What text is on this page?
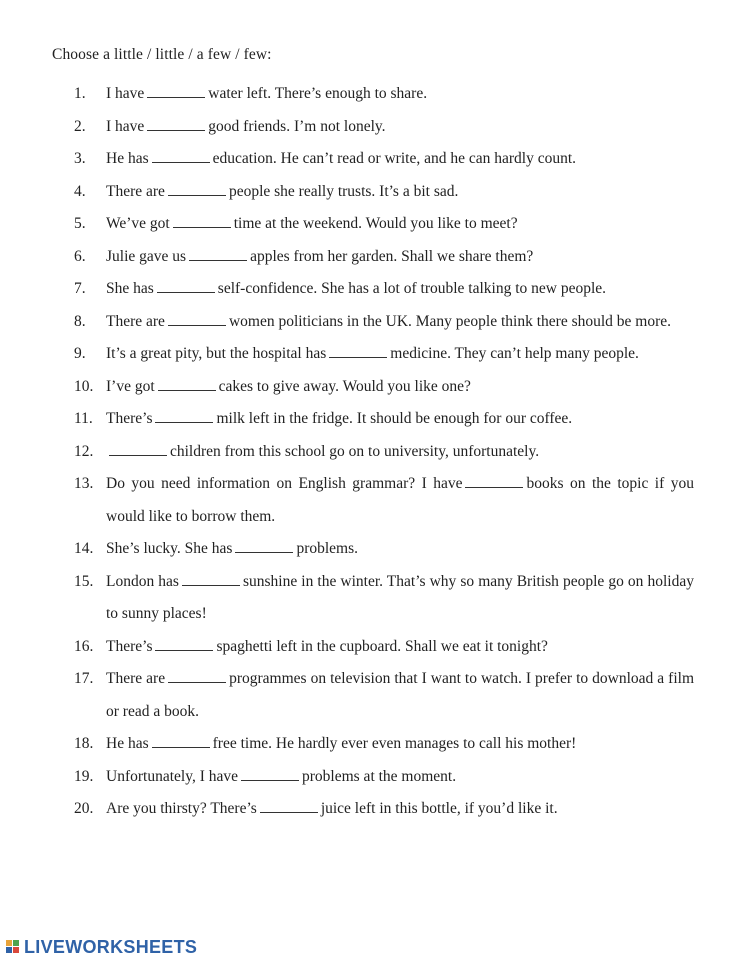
Choose a little / little / a few / few:
1.	I have	water left. There’s enough to share.
2.	I have	good friends. I’m not lonely.
3.	He has	education. He can’t read or write, and he can hardly count.
4.	There are	people she really trusts. It’s a bit sad.
5.	We’ve got	time at the weekend. Would you like to meet?
6.	Julie gave us	apples from her garden. Shall we share them?
7.	She has	self-confidence. She has a lot of trouble talking to new people.
8.	There are	women politicians in the UK. Many people think there should be more.
9.	It’s a great pity, but the hospital has	medicine. They can’t help many people.
10. I’ve got	cakes to give away. Would you like one?
11. There’s	milk left in the fridge. It should be enough for our coffee.
12.	children from this school go on to university, unfortunately.
13. Do you need information on English grammar? I have	books on the topic if you would like to borrow them.
14. She’s lucky. She has	problems.
15. London has	sunshine in the winter. That’s why so many British people go on holiday to sunny places!
16. There’s	spaghetti left in the cupboard. Shall we eat it tonight?
17. There are	programmes on television that I want to watch. I prefer to download a film or read a book.
18. He has	free time. He hardly ever even manages to call his mother!
19. Unfortunately, I have	problems at the moment.
20. Are you thirsty? There’s	juice left in this bottle, if you’d like it.
LIVEWORKSHEETS
